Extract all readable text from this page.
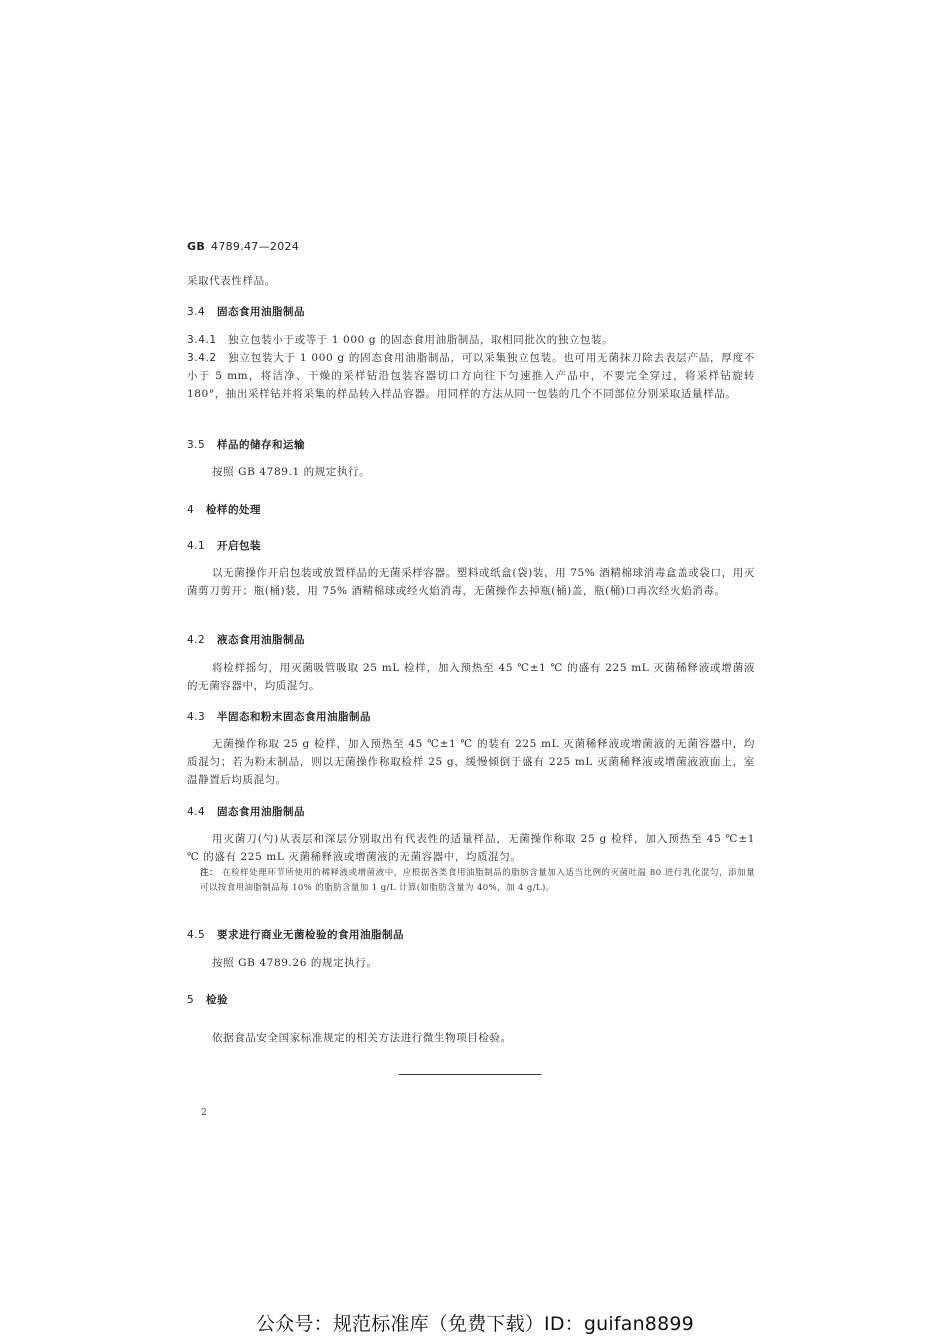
GB 4789.47—2024
采取代表性样品。
3.4 固态食用油脂制品
3.4.1 独立包装小于或等于 1 000 g 的固态食用油脂制品，取相同批次的独立包装。
3.4.2 独立包装大于 1 000 g 的固态食用油脂制品，可以采集独立包装。也可用无菌抹刀除去表层产品，厚度不小于 5 mm，将洁净、干燥的采样钻沿包装容器切口方向往下匀速推入产品中，不要完全穿过，将采样钻旋转 180°，抽出采样钻并将采集的样品转入样品容器。用同样的方法从同一包装的几个不同部位分别采取适量样品。
3.5 样品的储存和运输
按照 GB 4789.1 的规定执行。
4 检样的处理
4.1 开启包装
以无菌操作开启包装或放置样品的无菌采样容器。塑料或纸盒(袋)装，用 75% 酒精棉球消毒盒盖或袋口，用灭菌剪刀剪开；瓶(桶)装，用 75% 酒精棉球或经火焰消毒，无菌操作去掉瓶(桶)盖，瓶(桶)口再次经火焰消毒。
4.2 液态食用油脂制品
将检样摇匀，用灭菌吸管吸取 25 mL 检样，加入预热至 45 ℃±1 ℃ 的盛有 225 mL 灭菌稀释液或增菌液的无菌容器中，均质混匀。
4.3 半固态和粉末固态食用油脂制品
无菌操作称取 25 g 检样，加入预热至 45 ℃±1 ℃ 的装有 225 mL 灭菌稀释液或增菌液的无菌容器中，均质混匀；若为粉末制品，则以无菌操作称取检样 25 g，缓慢倾倒于盛有 225 mL 灭菌稀释液或增菌液液面上，室温静置后均质混匀。
4.4 固态食用油脂制品
用灭菌刀(勺)从表层和深层分别取出有代表性的适量样品，无菌操作称取 25 g 检样，加入预热至 45 ℃±1 ℃ 的盛有 225 mL 灭菌稀释液或增菌液的无菌容器中，均质混匀。
注： 在检样处理环节所使用的稀释液或增菌液中，应根据各类食用油脂制品的脂肪含量加入适当比例的灭菌吐温 80 进行乳化混匀，添加量可以按食用油脂制品每 10% 的脂肪含量加 1 g/L 计算(如脂肪含量为 40%，加 4 g/L)。
4.5 要求进行商业无菌检验的食用油脂制品
按照 GB 4789.26 的规定执行。
5 检验
依据食品安全国家标准规定的相关方法进行微生物项目检验。
2
公众号：规范标准库（免费下载）ID：guifan8899
